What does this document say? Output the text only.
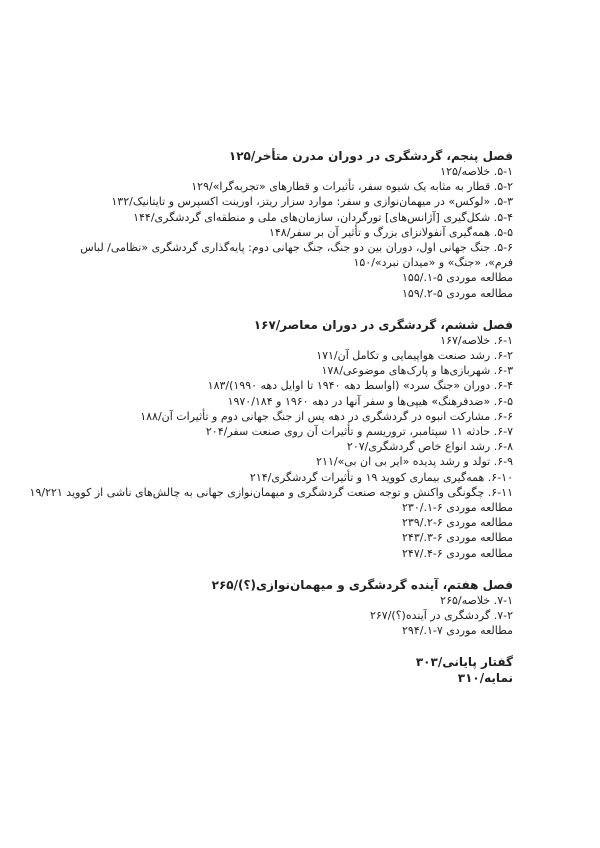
فصل پنجم، گردشگری در دوران مدرن متأخر/۱۲۵
۵-۱. خلاصه/۱۲۵
۵-۲. قطار به مثابه یک شیوه سفر، تأثیرات و قطارهای «تجربه‌گرا»/۱۲۹
۵-۳. «لوکس» در میهمان‌نوازی و سفر: موارد سزار ریتز، اورینت اکسپرس و تایتانیک/۱۳۲
۵-۴. شکل‌گیری [آژانس‌های] تورگردان، سازمان‌های ملی و منطقه‌ای گردشگری/۱۴۴
۵-۵. همه‌گیری آنفولانزای بزرگ و تأثیر آن بر سفر/۱۴۸
۵-۶. جنگ جهانی اول، دوران بین دو جنگ، جنگ جهانی دوم: پایه‌گذاری گردشگری «نظامی/ لباس فرم»، «جنگ» و «میدان نبرد»/۱۵۰
مطالعه موردی ۵-۱./۱۵۵
مطالعه موردی ۵-۲./۱۵۹
فصل ششم، گردشگری در دوران معاصر/۱۶۷
۶-۱. خلاصه/۱۶۷
۶-۲. رشد صنعت هواپیمایی و تکامل آن/۱۷۱
۶-۳. شهربازی‌ها و پارک‌های موضوعی/۱۷۸
۶-۴. دوران «جنگ سرد» (اواسط دهه ۱۹۴۰ تا اوایل دهه ۱۹۹۰)/۱۸۳
۶-۵. «ضدفرهنگ» هیپی‌ها و سفر آنها در دهه ۱۹۶۰ و ۱۹۷۰/۱۸۴
۶-۶. مشارکت انبوه در گردشگری در دهه پس از جنگ جهانی دوم و تأثیرات آن/۱۸۸
۶-۷. حادثه ۱۱ سپتامبر، تروریسم و تأثیرات آن روی صنعت سفر/۲۰۴
۶-۸. رشد انواع خاص گردشگری/۲۰۷
۶-۹. تولد و رشد پدیده «ایر بی ان بی»/۲۱۱
۶-۱۰. همه‌گیری بیماری کووید ۱۹ و تأثیرات گردشگری/۲۱۴
۶-۱۱. چگونگی واکنش و توجه صنعت گردشگری و میهمان‌نوازی جهانی به چالش‌های ناشی از کووید ۱۹/۲۲۱
مطالعه موردی ۶-۱./۲۳۰
مطالعه موردی ۶-۲./۲۳۹
مطالعه موردی ۶-۳./۲۴۳
مطالعه موردی ۶-۴./۲۴۷
فصل هفتم، آینده گردشگری و میهمان‌نوازی(؟)/۲۶۵
۷-۱. خلاصه/۲۶۵
۷-۲. گردشگری در آینده(؟)/۲۶۷
مطالعه موردی ۷-۱./۲۹۴
گفتار پایانی/۳۰۳
نمایه/۳۱۰
